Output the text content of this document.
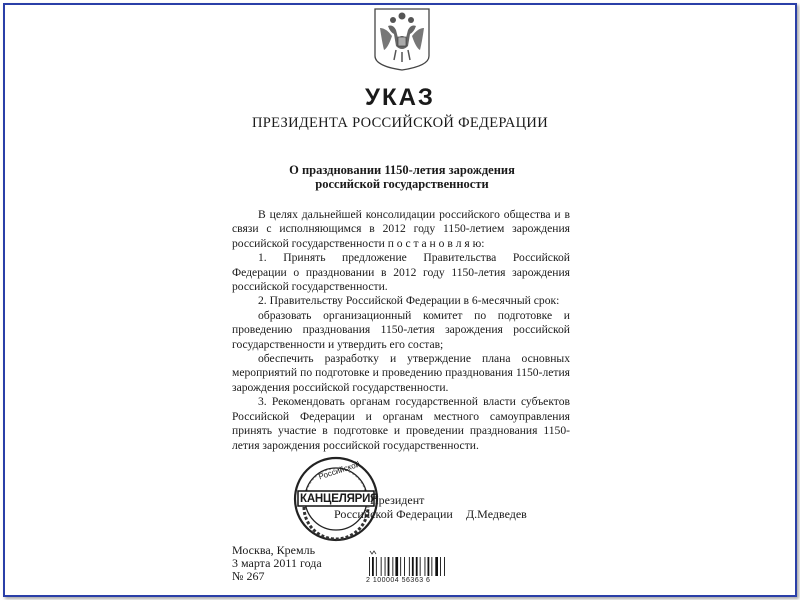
УКАЗ
ПРЕЗИДЕНТА РОССИЙСКОЙ ФЕДЕРАЦИИ
О праздновании 1150-летия зарождения
российской государственности

В целях дальнейшей консолидации российского общества и в связи с исполняющимся в 2012 году 1150-летием зарождения российской государственности п о с т а н о в л я ю:

1. Принять предложение Правительства Российской Федерации о праздновании в 2012 году 1150-летия зарождения российской государственности.

2. Правительству Российской Федерации в 6-месячный срок:

образовать организационный комитет по подготовке и проведению празднования 1150-летия зарождения российской государственности и утвердить его состав;

обеспечить разработку и утверждение плана основных мероприятий по подготовке и проведению празднования 1150-летия зарождения российской государственности.

3. Рекомендовать органам государственной власти субъектов Российской Федерации и органам местного самоуправления принять участие в подготовке и проведении празднования 1150-летия зарождения российской государственности.

Российской
КАНЦЕЛЯРИЯ
Президент
Российской Федерации Д.Медведев
Москва, Кремль
3 марта 2011 года
№ 267	2 100004 56363 6
